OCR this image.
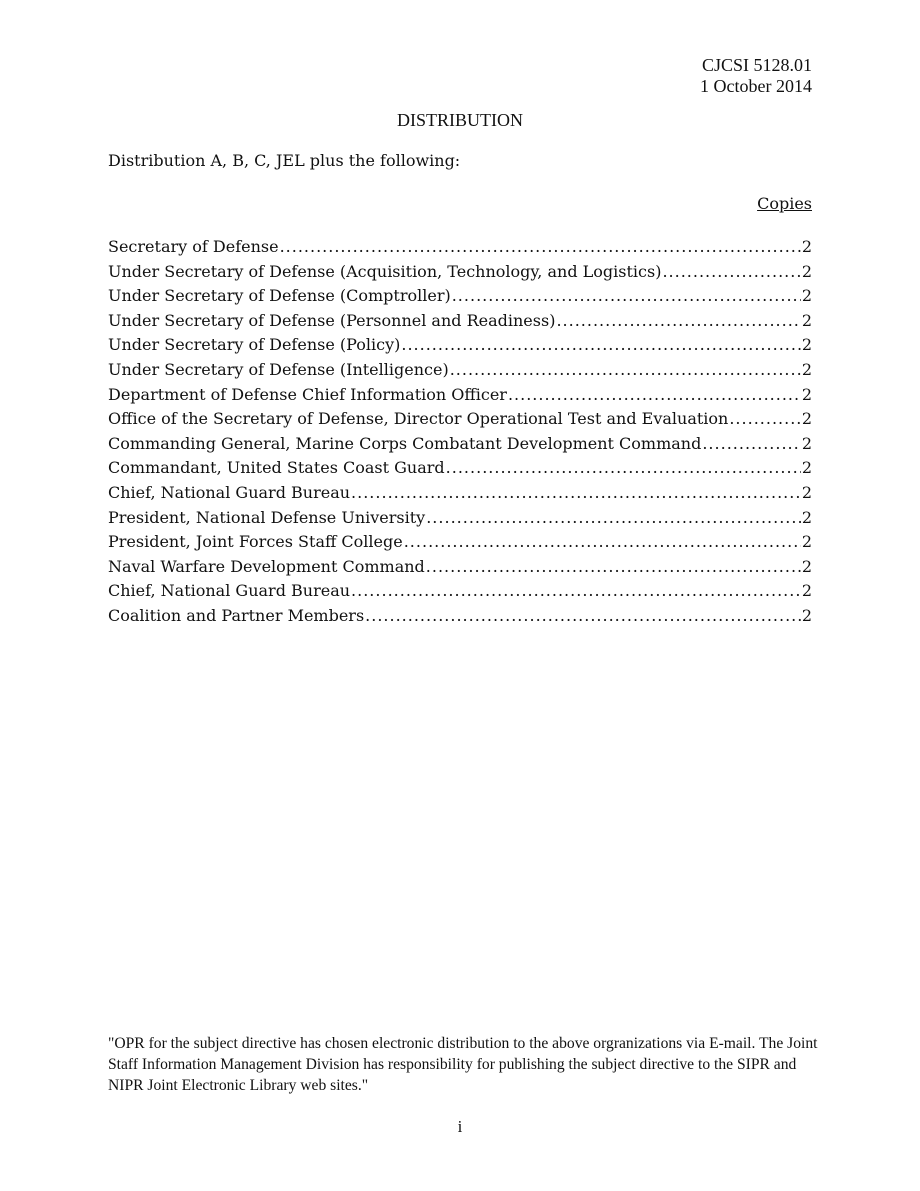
CJCSI 5128.01
1 October 2014
DISTRIBUTION
Distribution A, B, C, JEL plus the following:
Copies
Secretary of Defense .....	2
Under Secretary of Defense (Acquisition, Technology, and Logistics) .....	2
Under Secretary of Defense (Comptroller) .....	2
Under Secretary of Defense (Personnel and Readiness) .....	2
Under Secretary of Defense (Policy) .....	2
Under Secretary of Defense (Intelligence) .....	2
Department of Defense Chief Information Officer .....	2
Office of the Secretary of Defense, Director Operational Test and Evaluation .....	2
Commanding General, Marine Corps Combatant Development Command .....	2
Commandant, United States Coast Guard .....	2
Chief, National Guard Bureau .....	2
President, National Defense University .....	2
President, Joint Forces Staff College .....	2
Naval Warfare Development Command .....	2
Chief, National Guard Bureau .....	2
Coalition and Partner Members .....	2
"OPR for the subject directive has chosen electronic distribution to the above orgranizations via E-mail. The Joint Staff Information Management Division has responsibility for publishing the subject directive to the SIPR and NIPR Joint Electronic Library web sites."
i
